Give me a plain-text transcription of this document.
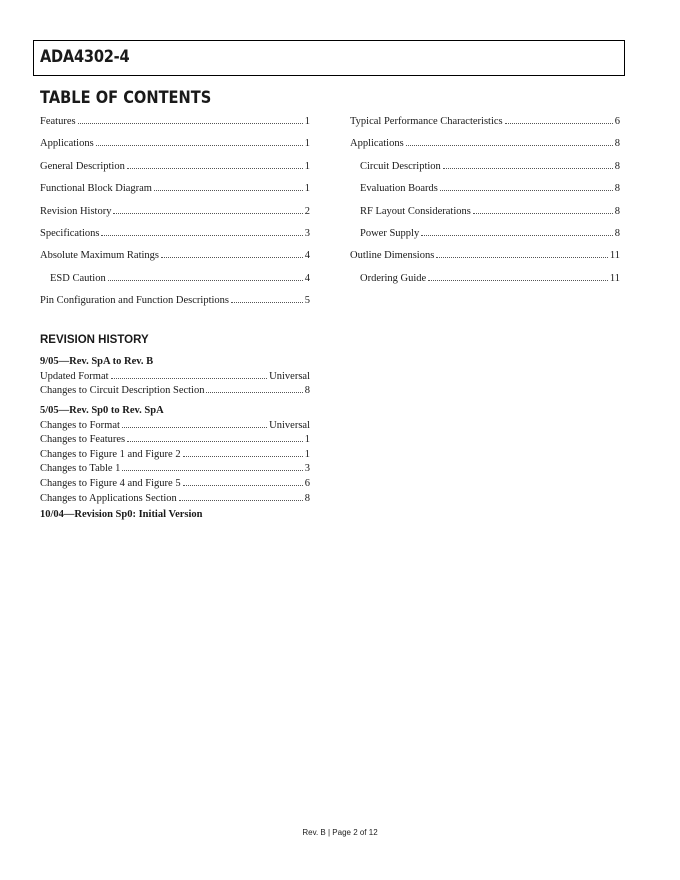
ADA4302-4
TABLE OF CONTENTS
Features	1
Applications	1
General Description	1
Functional Block Diagram	1
Revision History	2
Specifications	3
Absolute Maximum Ratings	4
ESD Caution	4
Pin Configuration and Function Descriptions	5
Typical Performance Characteristics	6
Applications	8
Circuit Description	8
Evaluation Boards	8
RF Layout Considerations	8
Power Supply	8
Outline Dimensions	11
Ordering Guide	11
REVISION HISTORY
9/05—Rev. SpA to Rev. B
Updated Format	Universal
Changes to Circuit Description Section	8
5/05—Rev. Sp0 to Rev. SpA
Changes to Format	Universal
Changes to Features	1
Changes to Figure 1 and Figure 2	1
Changes to Table 1	3
Changes to Figure 4 and Figure 5	6
Changes to Applications Section	8
10/04—Revision Sp0: Initial Version
Rev. B | Page 2 of 12
